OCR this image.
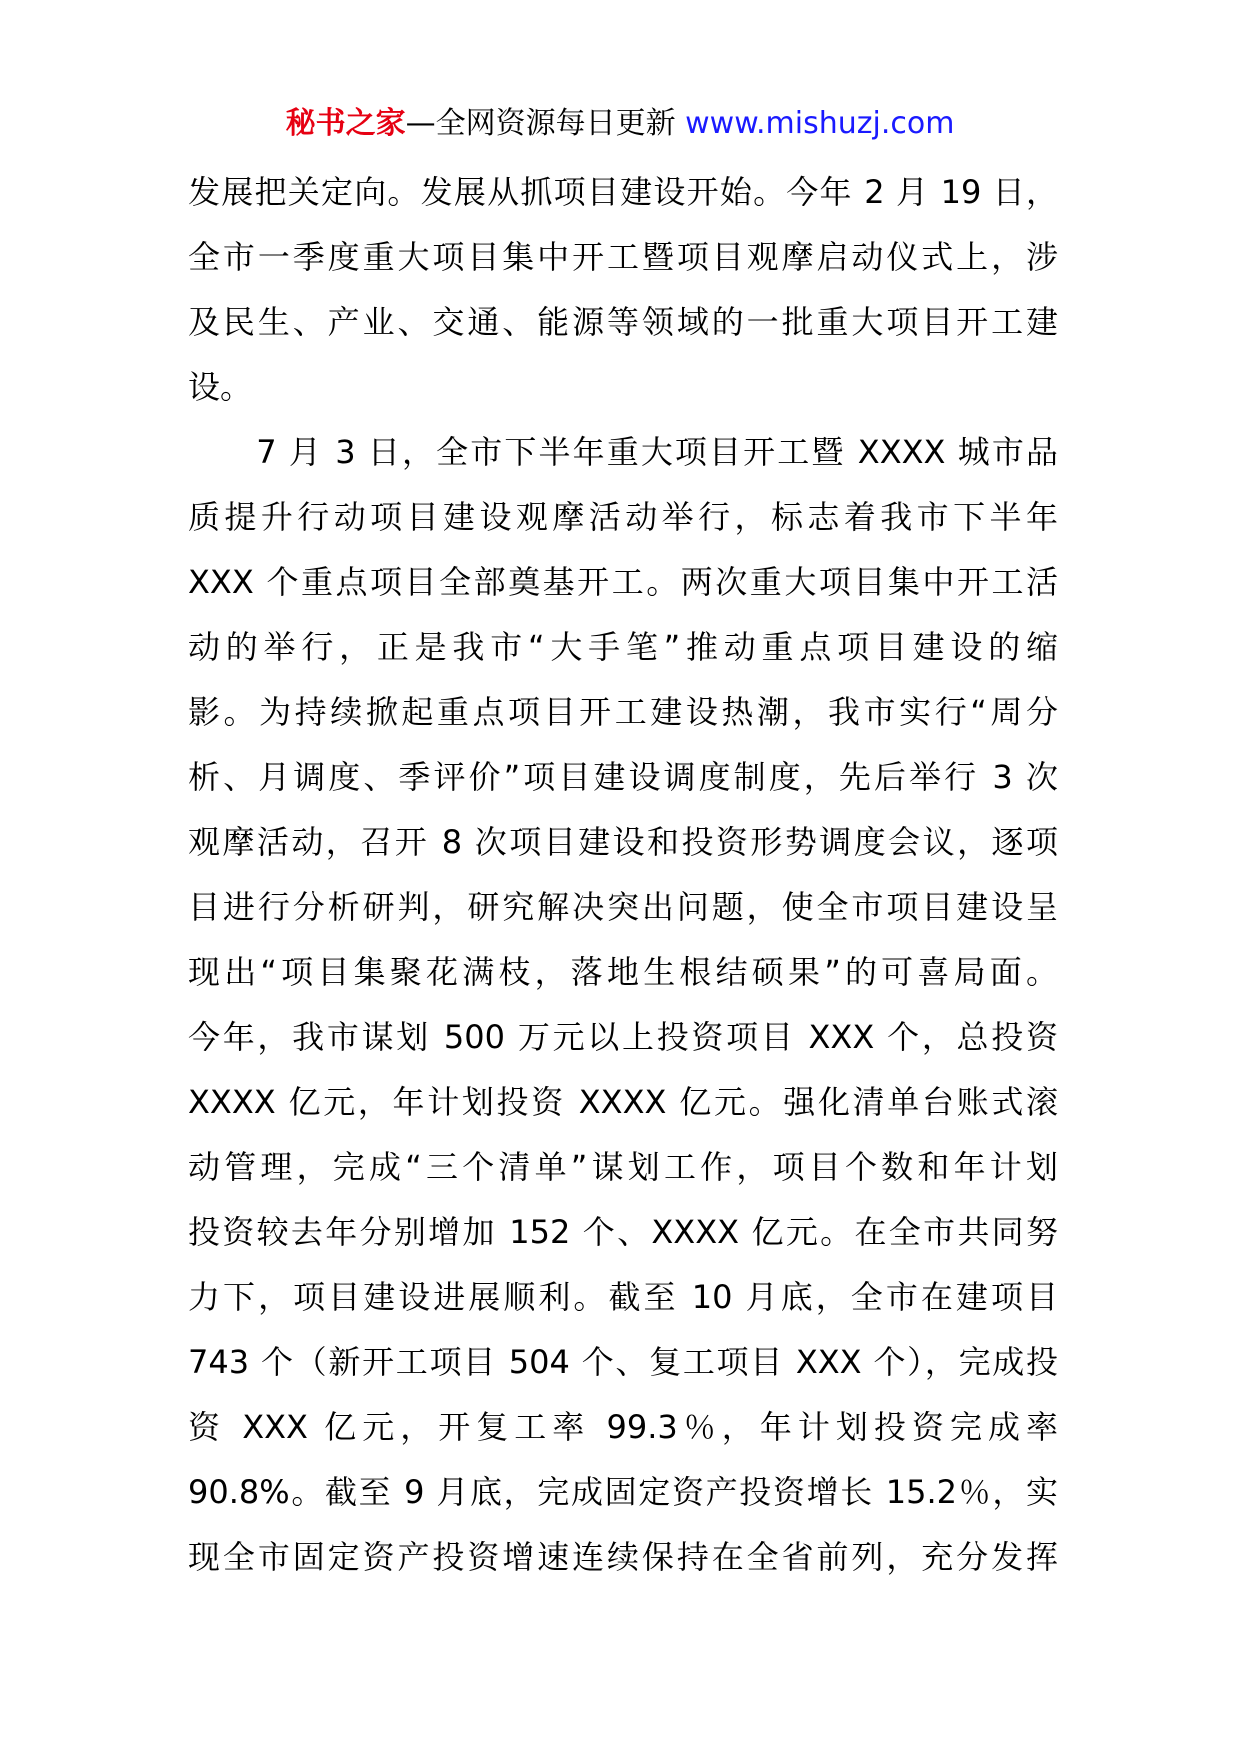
秘书之家—全网资源每日更新 www.mishuzj.com
发展把关定向。发展从抓项目建设开始。今年 2 月 19 日，
全市一季度重大项目集中开工暨项目观摩启动仪式上，涉
及民生、产业、交通、能源等领域的一批重大项目开工建
设。
　　7 月 3 日，全市下半年重大项目开工暨 XXXX 城市品
质提升行动项目建设观摩活动举行，标志着我市下半年
XXX 个重点项目全部奠基开工。两次重大项目集中开工活
动的举行，正是我市“大手笔”推动重点项目建设的缩
影。为持续掀起重点项目开工建设热潮，我市实行“周分
析、月调度、季评价”项目建设调度制度，先后举行 3 次
观摩活动，召开 8 次项目建设和投资形势调度会议，逐项
目进行分析研判，研究解决突出问题，使全市项目建设呈
现出“项目集聚花满枝，落地生根结硕果”的可喜局面。
今年，我市谋划 500 万元以上投资项目 XXX 个，总投资
XXXX 亿元，年计划投资 XXXX 亿元。强化清单台账式滚
动管理，完成“三个清单”谋划工作，项目个数和年计划
投资较去年分别增加 152 个、XXXX 亿元。在全市共同努
力下，项目建设进展顺利。截至 10 月底，全市在建项目
743 个（新开工项目 504 个、复工项目 XXX 个），完成投
资 XXX 亿元，开复工率 99.3％，年计划投资完成率
90.8%。截至 9 月底，完成固定资产投资增长 15.2％，实
现全市固定资产投资增速连续保持在全省前列，充分发挥
